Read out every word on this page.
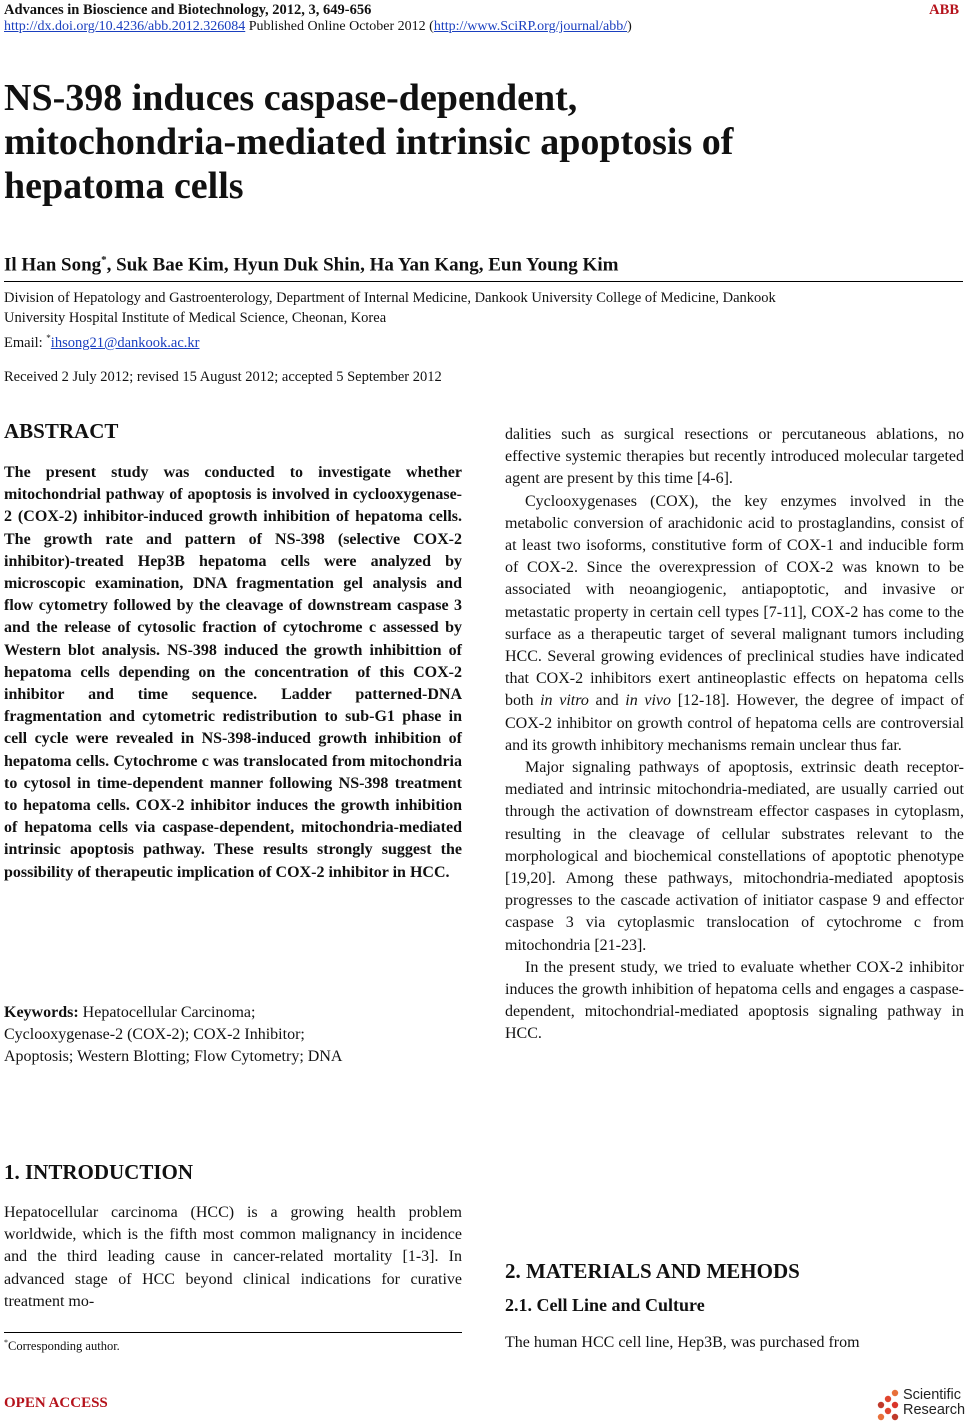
Advances in Bioscience and Biotechnology, 2012, 3, 649-656	ABB
http://dx.doi.org/10.4236/abb.2012.326084 Published Online October 2012 (http://www.SciRP.org/journal/abb/)
NS-398 induces caspase-dependent,
mitochondria-mediated intrinsic apoptosis of
hepatoma cells
Il Han Song*, Suk Bae Kim, Hyun Duk Shin, Ha Yan Kang, Eun Young Kim
Division of Hepatology and Gastroenterology, Department of Internal Medicine, Dankook University College of Medicine, Dankook
University Hospital Institute of Medical Science, Cheonan, Korea
Email: *ihsong21@dankook.ac.kr
Received 2 July 2012; revised 15 August 2012; accepted 5 September 2012
ABSTRACT

The present study was conducted to investigate whether mitochondrial pathway of apoptosis is involved in cyclooxygenase-2 (COX-2) inhibitor-induced growth inhibition of hepatoma cells. The growth rate and pattern of NS-398 (selective COX-2 inhibitor)-treated Hep3B hepatoma cells were analyzed by microscopic examination, DNA fragmentation gel analysis and flow cytometry followed by the cleavage of downstream caspase 3 and the release of cytosolic fraction of cytochrome c assessed by Western blot analysis. NS-398 induced the growth inhibittion of hepatoma cells depending on the concentration of this COX-2 inhibitor and time sequence. Ladder patterned-DNA fragmentation and cytometric redistribution to sub-G1 phase in cell cycle were revealed in NS-398-induced growth inhibition of hepatoma cells. Cytochrome c was translocated from mitochondria to cytosol in time-dependent manner following NS-398 treatment to hepatoma cells. COX-2 inhibitor induces the growth inhibition of hepatoma cells via caspase-dependent, mitochondria-mediated intrinsic apoptosis pathway. These results strongly suggest the possibility of therapeutic implication of COX-2 inhibitor in HCC.

Keywords: Hepatocellular Carcinoma;
Cyclooxygenase-2 (COX-2); COX-2 Inhibitor;
Apoptosis; Western Blotting; Flow Cytometry; DNA
1. INTRODUCTION

Hepatocellular carcinoma (HCC) is a growing health problem worldwide, which is the fifth most common malignancy in incidence and the third leading cause in cancer-related mortality [1-3]. In advanced stage of HCC beyond clinical indications for curative treatment mo-

*Corresponding author.

dalities such as surgical resections or percutaneous ablations, no effective systemic therapies but recently introduced molecular targeted agent are present by this time [4-6].

Cyclooxygenases (COX), the key enzymes involved in the metabolic conversion of arachidonic acid to prostaglandins, consist of at least two isoforms, constitutive form of COX-1 and inducible form of COX-2. Since the overexpression of COX-2 was known to be associated with neoangiogenic, antiapoptotic, and invasive or metastatic property in certain cell types [7-11], COX-2 has come to the surface as a therapeutic target of several malignant tumors including HCC. Several growing evidences of preclinical studies have indicated that COX-2 inhibitors exert antineoplastic effects on hepatoma cells both in vitro and in vivo [12-18]. However, the degree of impact of COX-2 inhibitor on growth control of hepatoma cells are controversial and its growth inhibitory mechanisms remain unclear thus far.

Major signaling pathways of apoptosis, extrinsic death receptor-mediated and intrinsic mitochondria-mediated, are usually carried out through the activation of downstream effector caspases in cytoplasm, resulting in the cleavage of cellular substrates relevant to the morphological and biochemical constellations of apoptotic phenotype [19,20]. Among these pathways, mitochondria-mediated apoptosis progresses to the cascade activation of initiator caspase 9 and effector caspase 3 via cytoplasmic translocation of cytochrome c from mitochondria [21-23].

In the present study, we tried to evaluate whether COX-2 inhibitor induces the growth inhibition of hepatoma cells and engages a caspase-dependent, mitochondrial-mediated apoptosis signaling pathway in HCC.

2. MATERIALS AND MEHODS
2.1. Cell Line and Culture

The human HCC cell line, Hep3B, was purchased from

OPEN ACCESS	Scientific
Research
